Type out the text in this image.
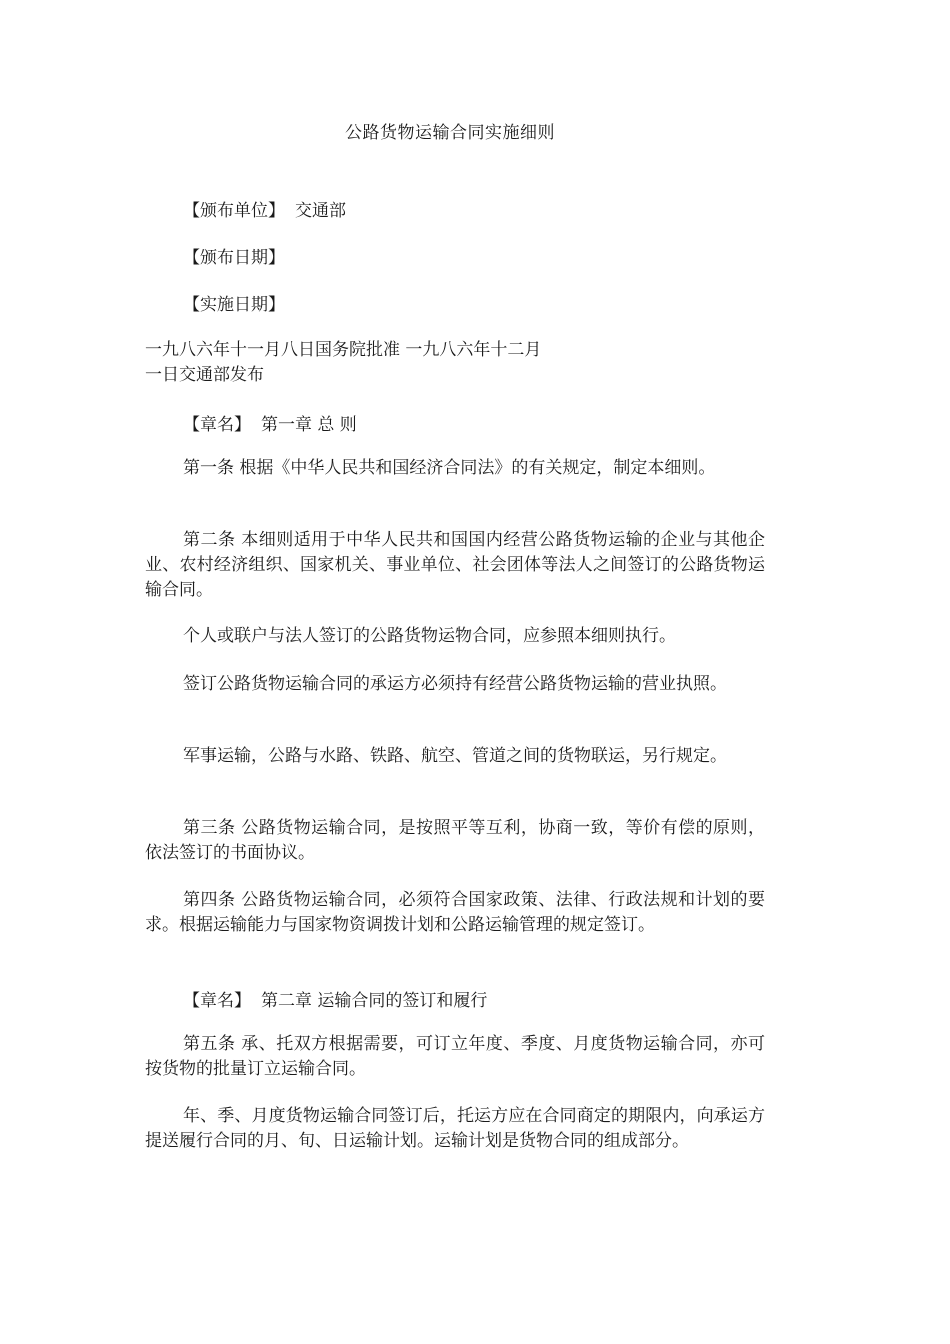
公路货物运输合同实施细则
【颁布单位】 交通部
【颁布日期】
【实施日期】
一九八六年十一月八日国务院批准 一九八六年十二月
一日交通部发布
【章名】 第一章 总 则

第一条 根据《中华人民共和国经济合同法》的有关规定，制定本细则。

第二条 本细则适用于中华人民共和国国内经营公路货物运输的企业与其他企业、农村经济组织、国家机关、事业单位、社会团体等法人之间签订的公路货物运输合同。

个人或联户与法人签订的公路货物运物合同，应参照本细则执行。

签订公路货物运输合同的承运方必须持有经营公路货物运输的营业执照。

军事运输，公路与水路、铁路、航空、管道之间的货物联运，另行规定。

第三条 公路货物运输合同，是按照平等互利，协商一致，等价有偿的原则，依法签订的书面协议。

第四条 公路货物运输合同，必须符合国家政策、法律、行政法规和计划的要求。根据运输能力与国家物资调拨计划和公路运输管理的规定签订。

【章名】 第二章 运输合同的签订和履行

第五条 承、托双方根据需要，可订立年度、季度、月度货物运输合同，亦可按货物的批量订立运输合同。

年、季、月度货物运输合同签订后，托运方应在合同商定的期限内，向承运方提送履行合同的月、旬、日运输计划。运输计划是货物合同的组成部分。
